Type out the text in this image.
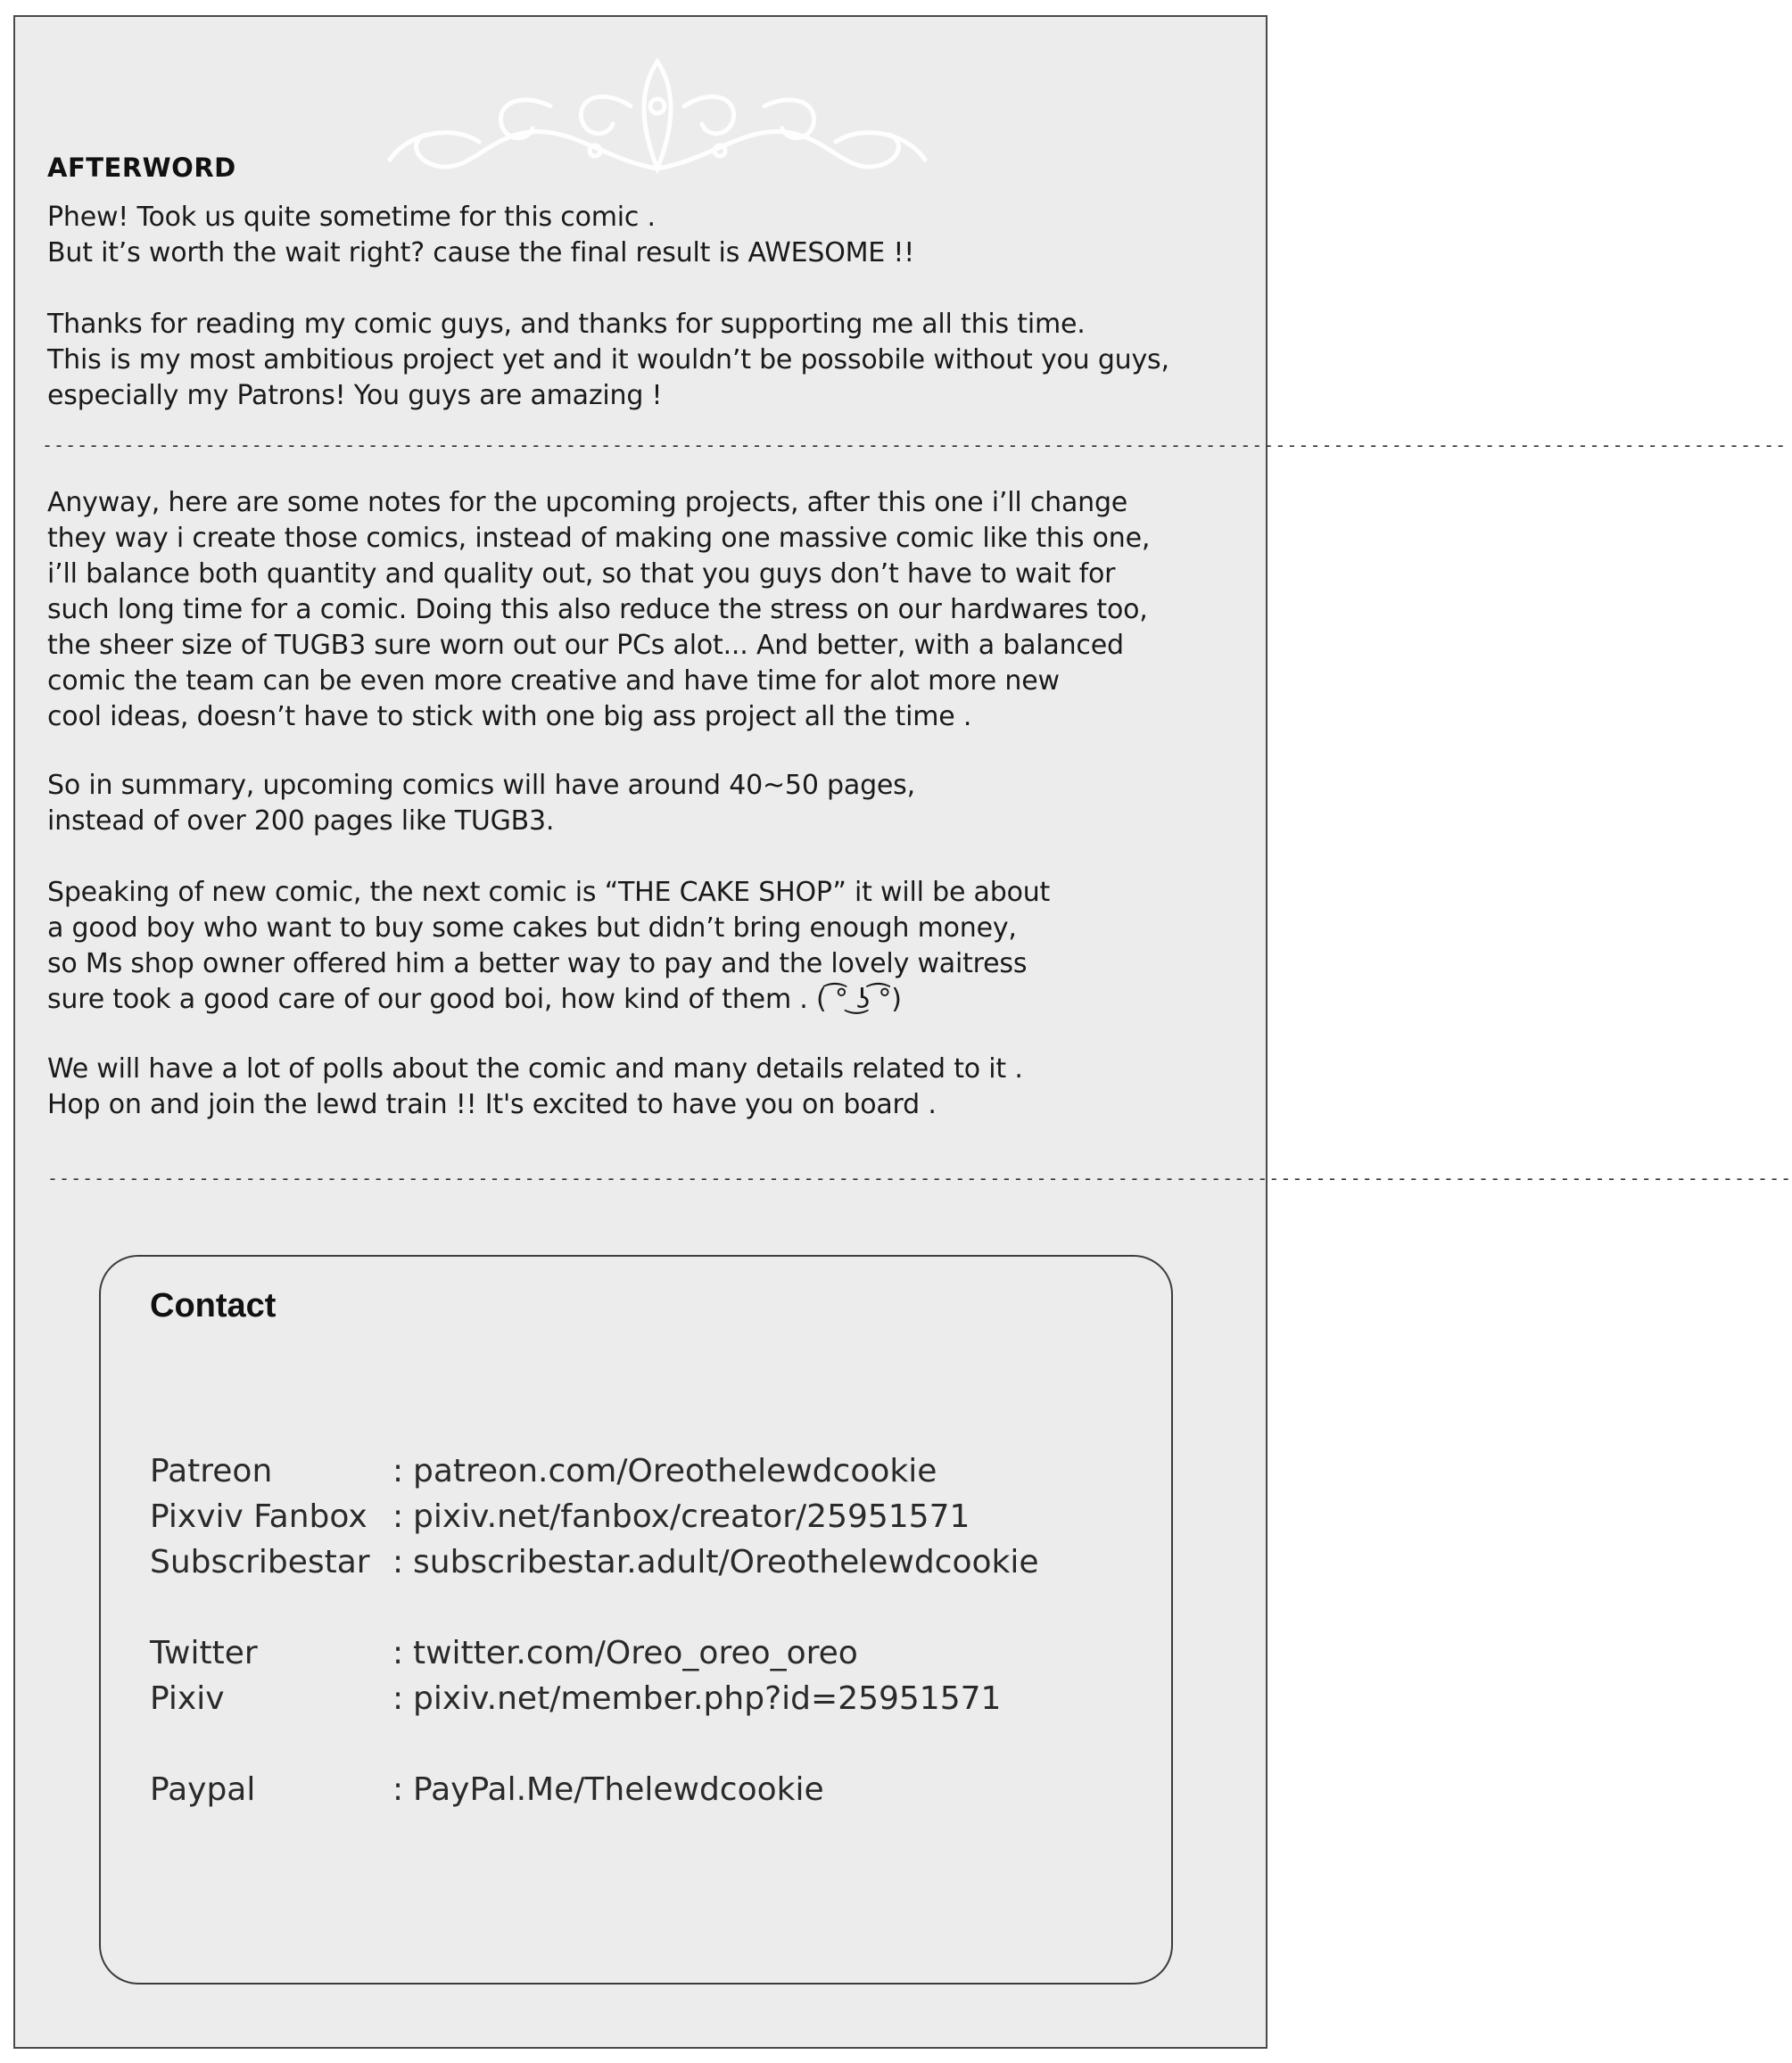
AFTERWORD

Phew! Took us quite sometime for this comic .
But it’s worth the wait right? cause the final result is AWESOME !!

Thanks for reading my comic guys, and thanks for supporting me all this time.
This is my most ambitious project yet and it wouldn’t be possobile without you guys,
especially my Patrons! You guys are amazing !

------------------------------------------------------------------------------------------------------------------------------------------------------

Anyway, here are some notes for the upcoming projects, after this one i’ll change
they way i create those comics, instead of making one massive comic like this one,
i’ll balance both quantity and quality out, so that you guys don’t have to wait for
such long time for a comic. Doing this also reduce the stress on our hardwares too,
the sheer size of TUGB3 sure worn out our PCs alot... And better, with a balanced
comic the team can be even more creative and have time for alot more new
cool ideas, doesn’t have to stick with one big ass project all the time .

So in summary, upcoming comics will have around 40~50 pages,
instead of over 200 pages like TUGB3.

Speaking of new comic, the next comic is “THE CAKE SHOP” it will be about
a good boy who want to buy some cakes but didn’t bring enough money,
so Ms shop owner offered him a better way to pay and the lovely waitress
sure took a good care of our good boi, how kind of them . ( ͡° ͜ʖ ͡°)

We will have a lot of polls about the comic and many details related to it .
Hop on and join the lewd train !! It's excited to have you on board .

------------------------------------------------------------------------------------------------------------------------------------------------------
Contact
Patreon	: patreon.com/Oreothelewdcookie
Pixviv Fanbox : pixiv.net/fanbox/creator/25951571
Subscribestar : subscribestar.adult/Oreothelewdcookie
Twitter	: twitter.com/Oreo_oreo_oreo
Pixiv	: pixiv.net/member.php?id=25951571
Paypal	: PayPal.Me/Thelewdcookie
